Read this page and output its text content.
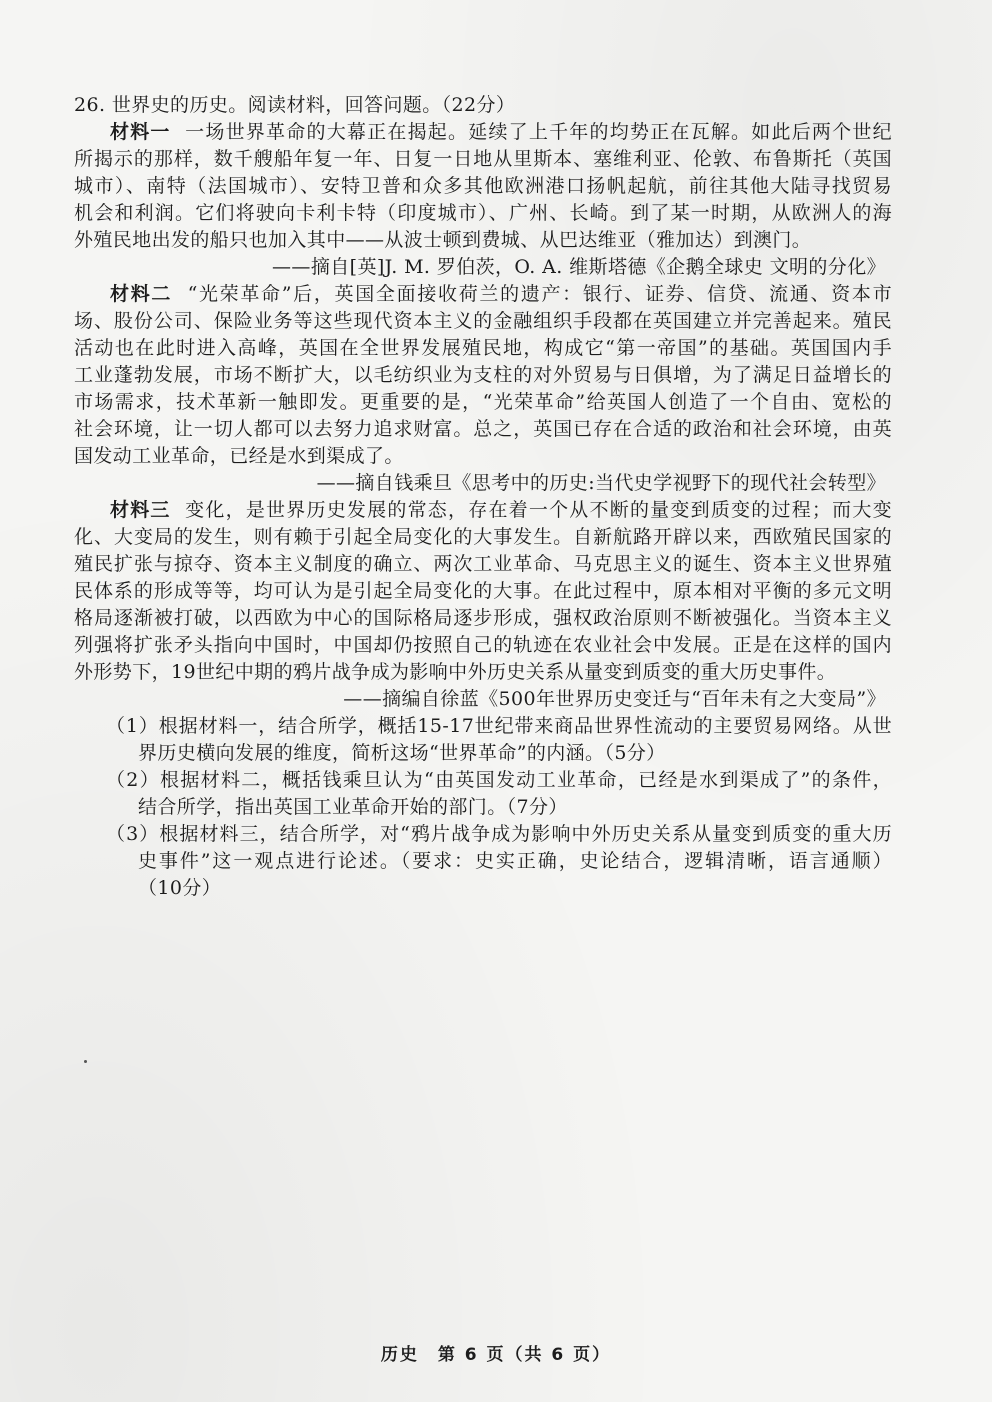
26. 世界史的历史。阅读材料，回答问题。（22分）
材料一 一场世界革命的大幕正在揭起。延续了上千年的均势正在瓦解。如此后两个世纪
所揭示的那样，数千艘船年复一年、日复一日地从里斯本、塞维利亚、伦敦、布鲁斯托（英国
城市）、南特（法国城市）、安特卫普和众多其他欧洲港口扬帆起航，前往其他大陆寻找贸易
机会和利润。它们将驶向卡利卡特（印度城市）、广州、长崎。到了某一时期，从欧洲人的海
外殖民地出发的船只也加入其中——从波士顿到费城、从巴达维亚（雅加达）到澳门。
——摘自[英]J. M. 罗伯茨，O. A. 维斯塔德《企鹅全球史 文明的分化》
材料二 “光荣革命”后，英国全面接收荷兰的遗产：银行、证券、信贷、流通、资本市
场、股份公司、保险业务等这些现代资本主义的金融组织手段都在英国建立并完善起来。殖民
活动也在此时进入高峰，英国在全世界发展殖民地，构成它“第一帝国”的基础。英国国内手
工业蓬勃发展，市场不断扩大，以毛纺织业为支柱的对外贸易与日俱增，为了满足日益增长的
市场需求，技术革新一触即发。更重要的是，“光荣革命”给英国人创造了一个自由、宽松的
社会环境，让一切人都可以去努力追求财富。总之，英国已存在合适的政治和社会环境，由英
国发动工业革命，已经是水到渠成了。
——摘自钱乘旦《思考中的历史:当代史学视野下的现代社会转型》
材料三 变化，是世界历史发展的常态，存在着一个从不断的量变到质变的过程；而大变
化、大变局的发生，则有赖于引起全局变化的大事发生。自新航路开辟以来，西欧殖民国家的
殖民扩张与掠夺、资本主义制度的确立、两次工业革命、马克思主义的诞生、资本主义世界殖
民体系的形成等等，均可认为是引起全局变化的大事。在此过程中，原本相对平衡的多元文明
格局逐渐被打破，以西欧为中心的国际格局逐步形成，强权政治原则不断被强化。当资本主义
列强将扩张矛头指向中国时，中国却仍按照自己的轨迹在农业社会中发展。正是在这样的国内
外形势下，19世纪中期的鸦片战争成为影响中外历史关系从量变到质变的重大历史事件。
——摘编自徐蓝《500年世界历史变迁与“百年未有之大变局”》
（1）根据材料一，结合所学，概括15-17世纪带来商品世界性流动的主要贸易网络。从世
界历史横向发展的维度，简析这场“世界革命”的内涵。（5分）
（2）根据材料二，概括钱乘旦认为“由英国发动工业革命，已经是水到渠成了”的条件，
结合所学，指出英国工业革命开始的部门。（7分）
（3）根据材料三，结合所学，对“鸦片战争成为影响中外历史关系从量变到质变的重大历
史事件”这一观点进行论述。（要求：史实正确，史论结合，逻辑清晰，语言通顺）
（10分）
历史　第 6 页（共 6 页）
